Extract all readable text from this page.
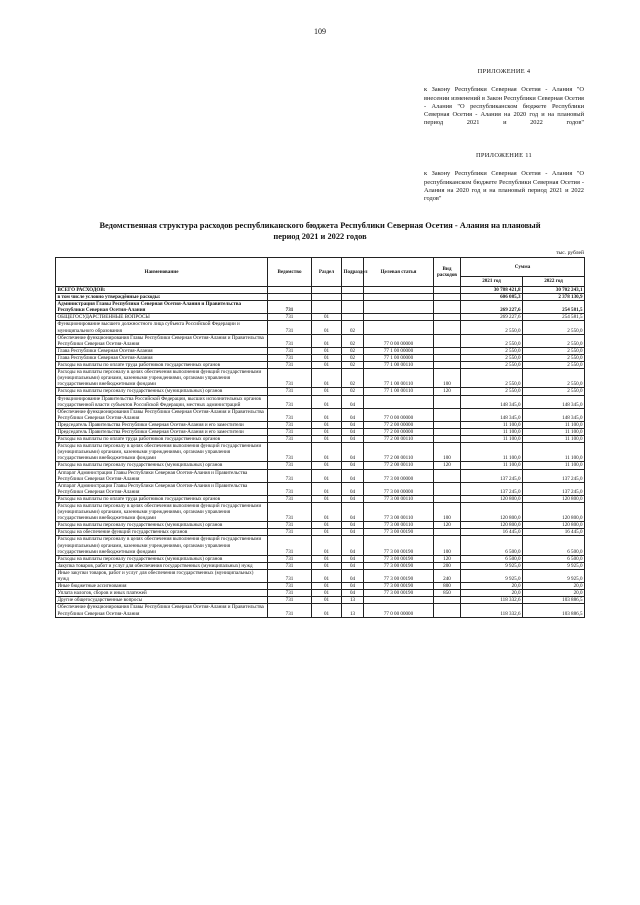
109
ПРИЛОЖЕНИЕ 4
к Закону Республики Северная Осетия - Алания "О внесении изменений в Закон Республики Северная Осетия - Алания "О республиканском бюджете Республики Северная Осетия - Алания на 2020 год и на плановый период 2021 и 2022 годов"
ПРИЛОЖЕНИЕ 11
к Закону Республики Северная Осетия - Алания "О республиканском бюджете Республики Северная Осетия - Алания на 2020 год и на плановый период 2021 и 2022 годов"
Ведомственная структура расходов республиканского бюджета Республики Северная Осетия - Алания на плановый период 2021 и 2022 годов
тыс. рублей
Наименование	Ведомство	Раздел	Подраздел	Целевая статья	Вид расходов	Сумма	
						2021 год	2022 год
ВСЕГО РАСХОДОВ:						30 788 421,8	30 702 243,1
в том числе условно утверждённые расходы:						606 085,3	2 378 130,9
Администрация Главы Республики Северная Осетия-Алания и Правительства Республики Северная Осетия-Алания	731					269 227,6	254 581,5
ОБЩЕГОСУДАРСТВЕННЫЕ ВОПРОСЫ	731	01				269 227,6	254 581,5
Функционирование высшего должностного лица субъекта Российской Федерации и муниципального образования	731	01	02			2 550,0	2 550,0
Обеспечение функционирования Главы Республики Северная Осетия-Алания и Правительства Республики Северная Осетия-Алания	731	01	02	77 0 00 00000		2 550,0	2 550,0
Глава Республики Северная Осетия-Алания	731	01	02	77 1 00 00000		2 550,0	2 550,0
Глава Республики Северная Осетия-Алания	731	01	02	77 1 00 00000		2 550,0	2 550,0
Расходы на выплаты по оплате труда работников государственных органов	731	01	02	77 1 00 00110		2 550,0	2 550,0
Расходы на выплаты персоналу в целях обеспечения выполнения функций государственными (муниципальными) органами, казенными учреждениями, органами управления государственными внебюджетными фондами	731	01	02	77 1 00 00110	100	2 550,0	2 550,0
Расходы на выплаты персоналу государственных (муниципальных) органов	731	01	02	77 1 00 00110	120	2 550,0	2 550,0
Функционирование Правительства Российской Федерации, высших исполнительных органов государственной власти субъектов Российской Федерации, местных администраций	731	01	04			148 345,0	148 345,0
Обеспечение функционирования Главы Республики Северная Осетия-Алания и Правительства Республики Северная Осетия-Алания	731	01	04	77 0 00 00000		148 345,0	148 345,0
Председатель Правительства Республики Северная Осетия-Алания и его заместители	731	01	04	77 2 00 00000		11 100,0	11 100,0
Председатель Правительства Республики Северная Осетия-Алания и его заместители	731	01	04	77 2 00 00000		11 100,0	11 100,0
Расходы на выплаты по оплате труда работников государственных органов	731	01	04	77 2 00 00110		11 100,0	11 100,0
Расходы на выплаты персоналу в целях обеспечения выполнения функций государственными (муниципальными) органами, казенными учреждениями, органами управления государственными внебюджетными фондами	731	01	04	77 2 00 00110	100	11 100,0	11 100,0
Расходы на выплаты персоналу государственных (муниципальных) органов	731	01	04	77 2 00 00110	120	11 100,0	11 100,0
Аппарат Администрации Главы Республики Северная Осетия-Алания и Правительства Республики Северная Осетия-Алания	731	01	04	77 3 00 00000		137 245,0	137 245,0
Аппарат Администрации Главы Республики Северная Осетия-Алания и Правительства Республики Северная Осетия-Алания	731	01	04	77 3 00 00000		137 245,0	137 245,0
Расходы на выплаты по оплате труда работников государственных органов	731	01	04	77 3 00 00110		120 800,0	120 800,0
Расходы на выплаты персоналу в целях обеспечения выполнения функций государственными (муниципальными) органами, казенными учреждениями, органами управления государственными внебюджетными фондами	731	01	04	77 3 00 00110	100	120 800,0	120 800,0
Расходы на выплаты персоналу государственных (муниципальных) органов	731	01	04	77 3 00 00110	120	120 800,0	120 800,0
Расходы на обеспечение функций государственных органов	731	01	04	77 3 00 00190		16 445,0	16 445,0
Расходы на выплаты персоналу в целях обеспечения выполнения функций государственными (муниципальными) органами, казенными учреждениями, органами управления государственными внебюджетными фондами	731	01	04	77 3 00 00190	100	6 500,0	6 500,0
Расходы на выплаты персоналу государственных (муниципальных) органов	731	01	04	77 3 00 00190	120	6 500,0	6 500,0
Закупка товаров, работ и услуг для обеспечения государственных (муниципальных) нужд	731	01	04	77 3 00 00190	200	9 925,0	9 925,0
Иные закупки товаров, работ и услуг для обеспечения государственных (муниципальных) нужд	731	01	04	77 3 00 00190	240	9 925,0	9 925,0
Иные бюджетные ассигнования	731	01	04	77 3 00 00190	800	20,0	20,0
Уплата налогов, сборов и иных платежей	731	01	04	77 3 00 00190	850	20,0	20,0
Другие общегосударственные вопросы	731	01	13			118 332,6	103 886,5
Обеспечение функционирования Главы Республики Северная Осетия-Алания и Правительства Республики Северная Осетия-Алания	731	01	13	77 0 00 00000		118 332,6	103 886,5
